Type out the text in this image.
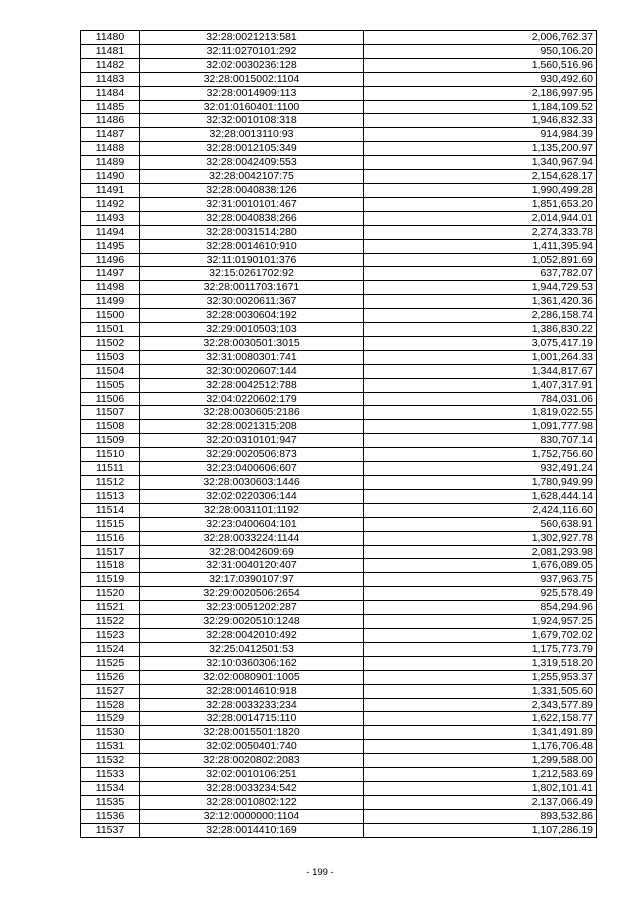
11480	32:28:0021213:581	2,006,762.37
11481	32:11:0270101:292	950,106.20
11482	32:02:0030236:128	1,560,516.96
11483	32:28:0015002:1104	930,492.60
11484	32:28:0014909:113	2,186,997.95
11485	32:01:0160401:1100	1,184,109.52
11486	32:32:0010108:318	1,946,832.33
11487	32:28:0013110:93	914,984.39
11488	32:28:0012105:349	1,135,200.97
11489	32:28:0042409:553	1,340,967.94
11490	32:28:0042107:75	2,154,628.17
11491	32:28:0040838:126	1,990,499.28
11492	32:31:0010101:467	1,851,653.20
11493	32:28:0040838:266	2,014,944.01
11494	32:28:0031514:280	2,274,333.78
11495	32:28:0014610:910	1,411,395.94
11496	32:11:0190101:376	1,052,891.69
11497	32:15:0261702:92	637,782.07
11498	32:28:0011703:1671	1,944,729.53
11499	32:30:0020611:367	1,361,420.36
11500	32:28:0030604:192	2,286,158.74
11501	32:29:0010503:103	1,386,830.22
11502	32:28:0030501:3015	3,075,417.19
11503	32:31:0080301:741	1,001,264.33
11504	32:30:0020607:144	1,344,817.67
11505	32:28:0042512:788	1,407,317.91
11506	32:04:0220602:179	784,031.06
11507	32:28:0030605:2186	1,819,022.55
11508	32:28:0021315:208	1,091,777.98
11509	32:20:0310101:947	830,707.14
11510	32:29:0020506:873	1,752,756.60
11511	32:23:0400606:607	932,491.24
11512	32:28:0030603:1446	1,780,949.99
11513	32:02:0220306:144	1,628,444.14
11514	32:28:0031101:1192	2,424,116.60
11515	32:23:0400604:101	560,638.91
11516	32:28:0033224:1144	1,302,927.78
11517	32:28:0042609:69	2,081,293.98
11518	32:31:0040120:407	1,676,089.05
11519	32:17:0390107:97	937,963.75
11520	32:29:0020506:2654	925,578.49
11521	32:23:0051202:287	854,294.96
11522	32:29:0020510:1248	1,924,957.25
11523	32:28:0042010:492	1,679,702.02
11524	32:25:0412501:53	1,175,773.79
11525	32:10:0360306:162	1,319,518.20
11526	32:02:0080901:1005	1,255,953.37
11527	32:28:0014610:918	1,331,505.60
11528	32:28:0033233:234	2,343,577.89
11529	32:28:0014715:110	1,622,158.77
11530	32:28:0015501:1820	1,341,491.89
11531	32:02:0050401:740	1,176,706.48
11532	32:28:0020802:2083	1,299,588.00
11533	32:02:0010106:251	1,212,583.69
11534	32:28:0033234:542	1,802,101.41
11535	32:28:0010802:122	2,137,066.49
11536	32:12:0000000:1104	893,532.86
11537	32:28:0014410:169	1,107,286.19
- 199 -
